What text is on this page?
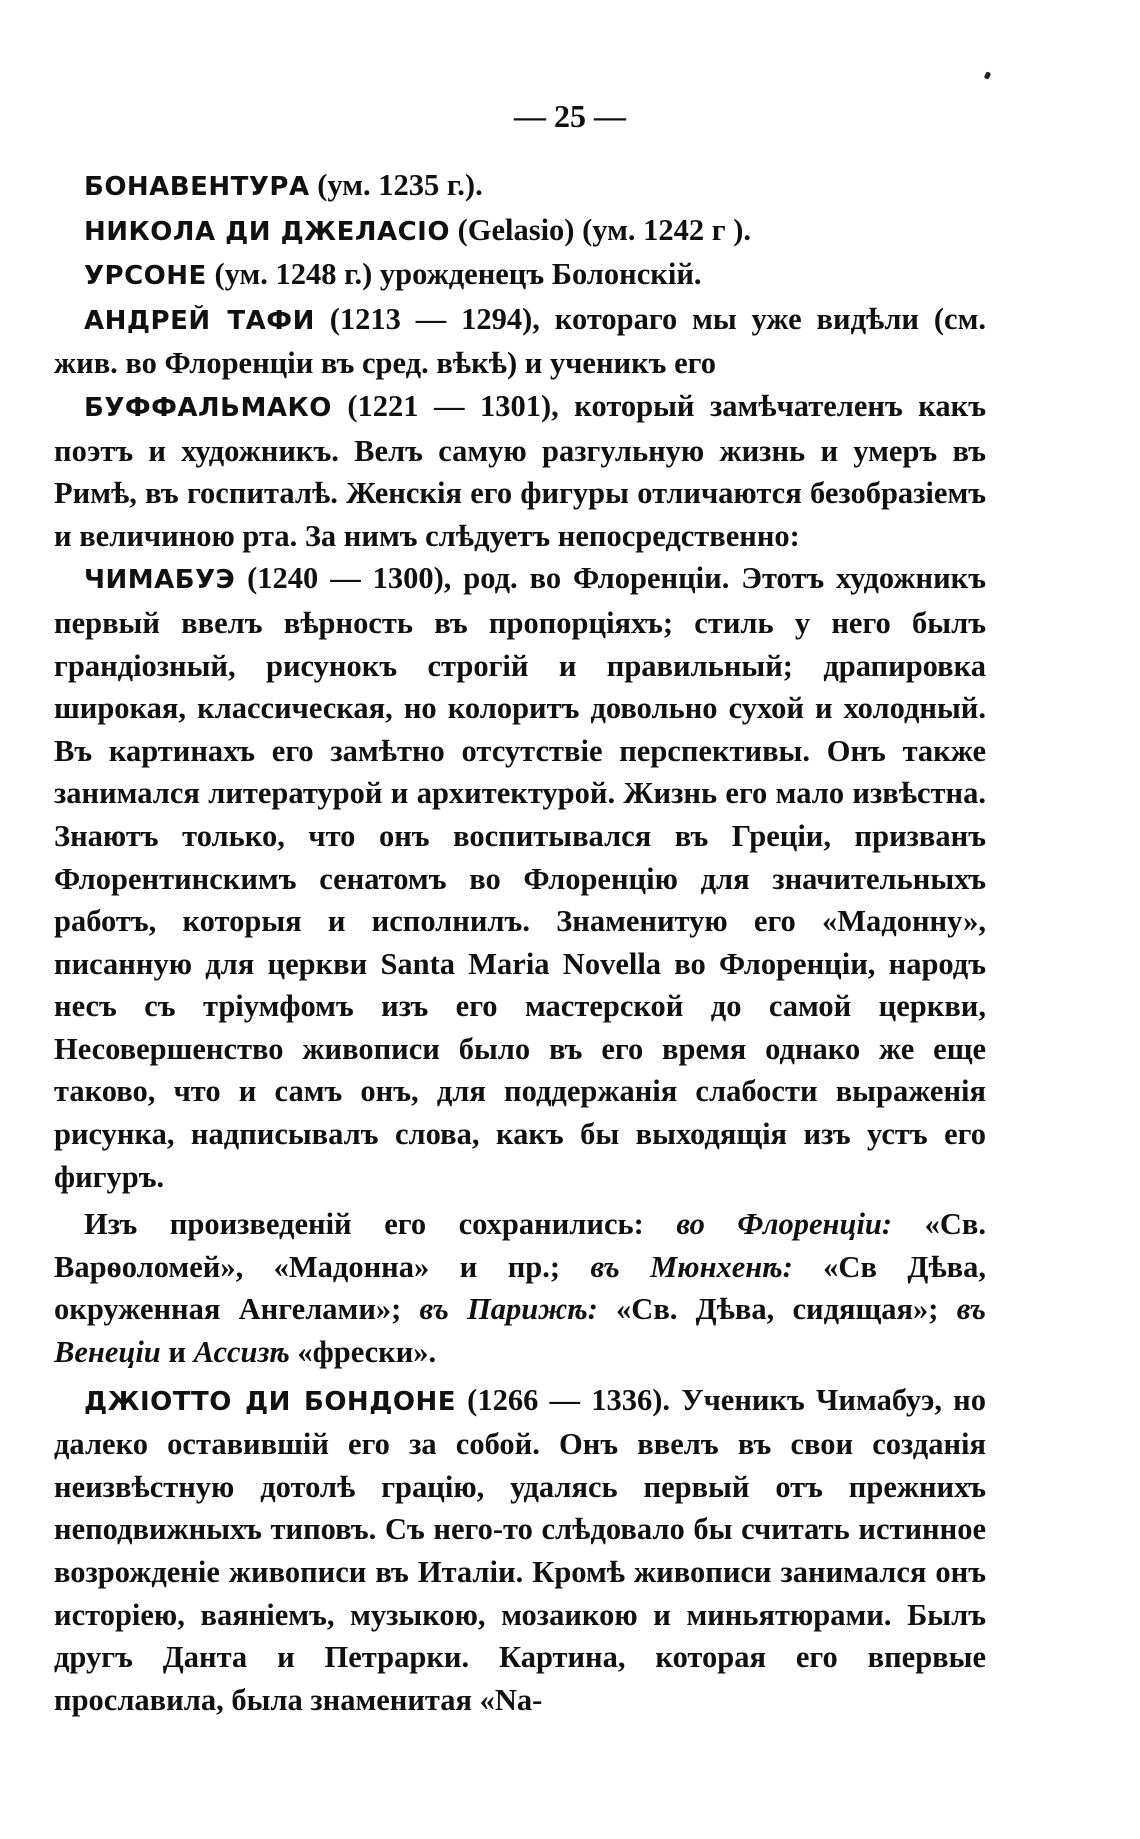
— 25 —

БОНАВЕНТУРА (ум. 1235 г.).

НИКОЛА ДИ ДЖЕЛАСІО (Gelasio) (ум. 1242 г ).

УРСОНЕ (ум. 1248 г.) урожденецъ Болонскій.

АНДРЕЙ ТАФИ (1213 — 1294), котораго мы уже видѣли (см. жив. во Флоренціи въ сред. вѣкѣ) и ученикъ его

БУФФАЛЬМАКО (1221 — 1301), который замѣчателенъ какъ поэтъ и художникъ. Велъ самую разгульную жизнь и умеръ въ Римѣ, въ госпиталѣ. Женскія его фигуры отличаются безобразіемъ и величиною рта. За нимъ слѣдуетъ непосредственно:

ЧИМАБУЭ (1240 — 1300), род. во Флоренціи. Этотъ художникъ первый ввелъ вѣрность въ пропорціяхъ; стиль у него былъ грандіозный, рисунокъ строгій и правильный; драпировка широкая, классическая, но колоритъ довольно сухой и холодный. Въ картинахъ его замѣтно отсутствіе перспективы. Онъ также занимался литературой и архитектурой. Жизнь его мало извѣстна. Знаютъ только, что онъ воспитывался въ Греціи, призванъ Флорентинскимъ сенатомъ во Флоренцію для значительныхъ работъ, которыя и исполнилъ. Знаменитую его «Мадонну», писанную для церкви Santa Maria Novella во Флоренціи, народъ несъ съ тріумфомъ изъ его мастерской до самой церкви, Несовершенство живописи было въ его время однако же еще таково, что и самъ онъ, для поддержанія слабости выраженія рисунка, надписывалъ слова, какъ бы выходящія изъ устъ его фигуръ.

Изъ произведеній его сохранились: во Флоренціи: «Св. Варѳоломей», «Мадонна» и пр.; въ Мюнхенѣ: «Св Дѣва, окруженная Ангелами»; въ Парижѣ: «Св. Дѣва, сидящая»; въ Венеціи и Ассизѣ «фрески».

ДЖІОТТО ДИ БОНДОНЕ (1266 — 1336). Ученикъ Чимабуэ, но далеко оставившій его за собой. Онъ ввелъ въ свои созданія неизвѣстную дотолѣ грацію, удалясь первый отъ прежнихъ неподвижныхъ типовъ. Съ него-то слѣдовало бы считать истинное возрожденіе живописи въ Италіи. Кромѣ живописи занимался онъ исторіею, ваяніемъ, музыкою, мозаикою и миньятюрами. Былъ другъ Данта и Петрарки. Картина, которая его впервые прославила, была знаменитая «Na-
